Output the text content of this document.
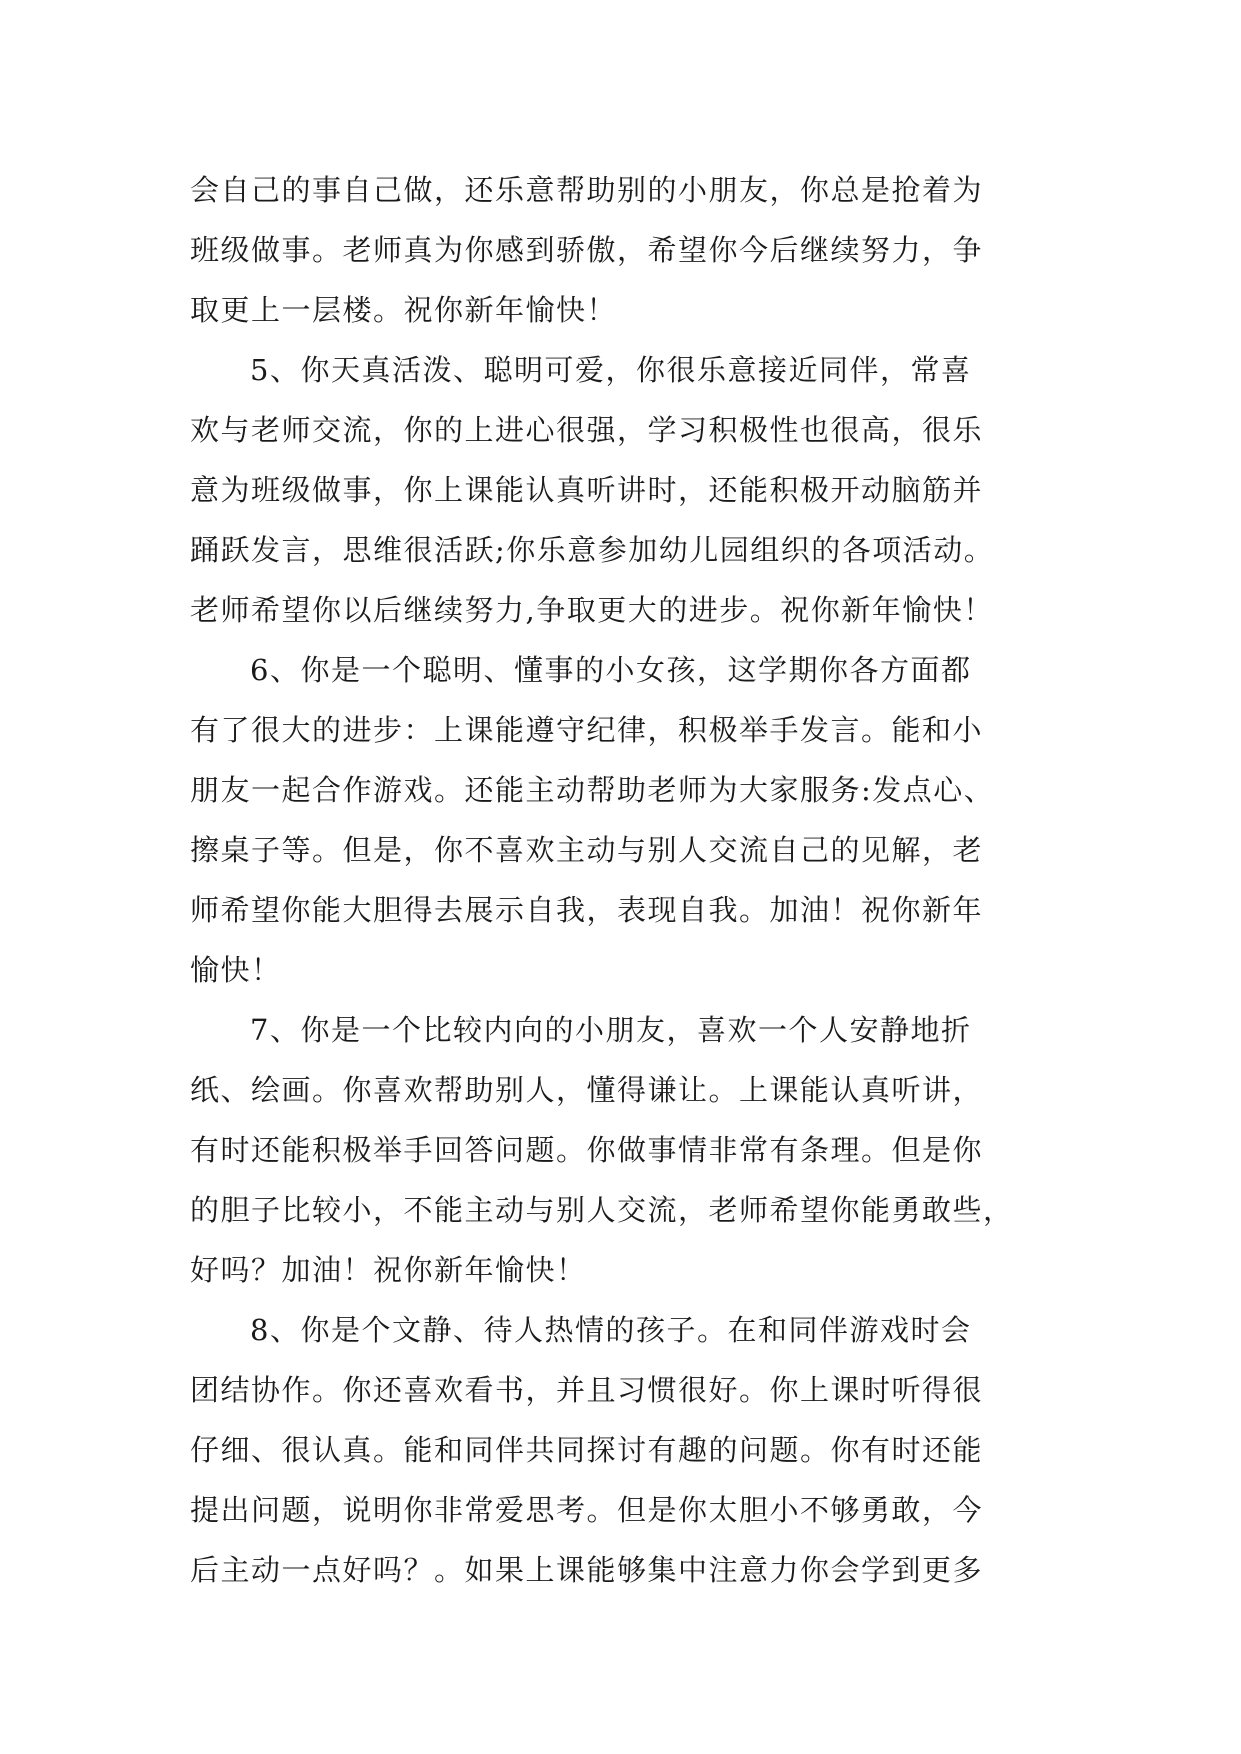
会自己的事自己做，还乐意帮助别的小朋友，你总是抢着为
班级做事。老师真为你感到骄傲，希望你今后继续努力，争
取更上一层楼。祝你新年愉快！
5、你天真活泼、聪明可爱，你很乐意接近同伴，常喜
欢与老师交流，你的上进心很强，学习积极性也很高，很乐
意为班级做事，你上课能认真听讲时，还能积极开动脑筋并
踊跃发言，思维很活跃;你乐意参加幼儿园组织的各项活动。
老师希望你以后继续努力,争取更大的进步。祝你新年愉快！
6、你是一个聪明、懂事的小女孩，这学期你各方面都
有了很大的进步：上课能遵守纪律，积极举手发言。能和小
朋友一起合作游戏。还能主动帮助老师为大家服务:发点心、
擦桌子等。但是，你不喜欢主动与别人交流自己的见解，老
师希望你能大胆得去展示自我，表现自我。加油！祝你新年
愉快！
7、你是一个比较内向的小朋友，喜欢一个人安静地折
纸、绘画。你喜欢帮助别人，懂得谦让。上课能认真听讲，
有时还能积极举手回答问题。你做事情非常有条理。但是你
的胆子比较小，不能主动与别人交流，老师希望你能勇敢些，
好吗？加油！祝你新年愉快！
8、你是个文静、待人热情的孩子。在和同伴游戏时会
团结协作。你还喜欢看书，并且习惯很好。你上课时听得很
仔细、很认真。能和同伴共同探讨有趣的问题。你有时还能
提出问题，说明你非常爱思考。但是你太胆小不够勇敢，今
后主动一点好吗？。如果上课能够集中注意力你会学到更多
